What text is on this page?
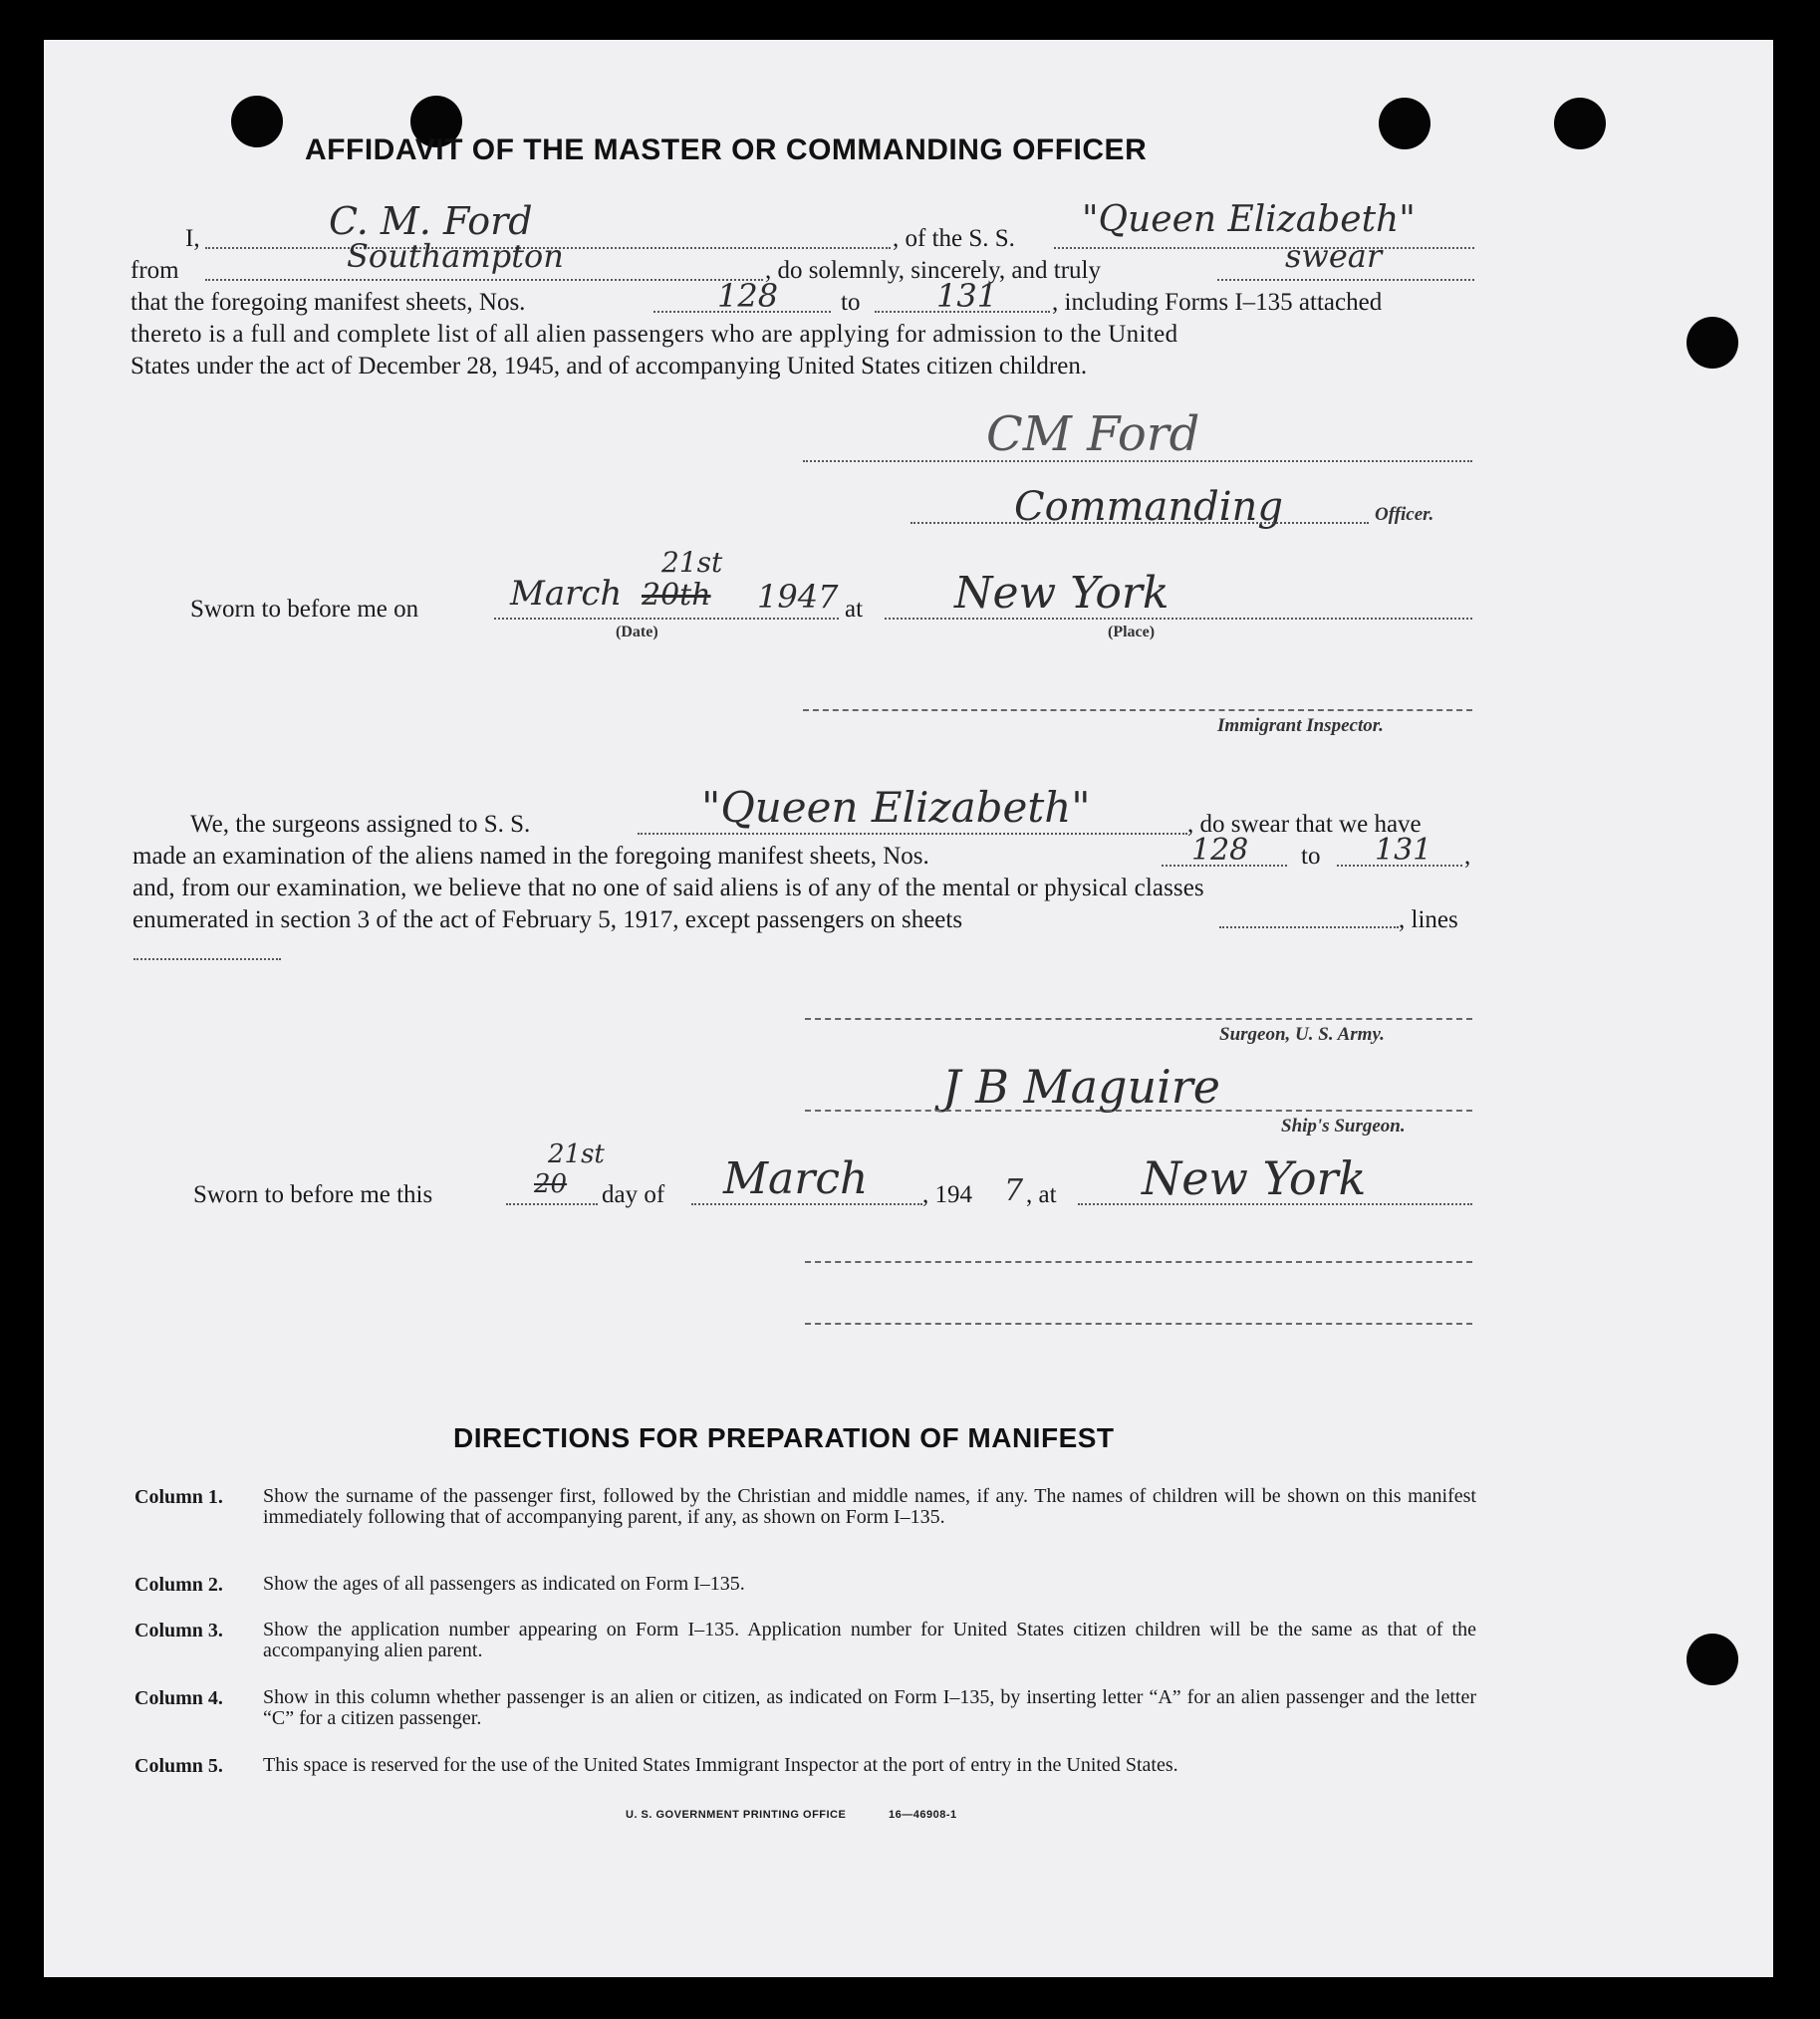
AFFIDAVIT OF THE MASTER OR COMMANDING OFFICER
I,	C. M. Ford	, of the S. S. "Queen Elizabeth"
from	Southampton	, do solemnly, sincerely, and truly	swear
that the foregoing manifest sheets, Nos.	128	to 131 , including Forms I–135 attached
thereto is a full and complete list of all alien passengers who are applying for admission to the United
States under the act of December 28, 1945, and of accompanying United States citizen children.
CM Ford
Commanding	Officer.
Sworn to before me on	March 20th
21st
1947
(Date)
at New York
(Place)
Immigrant Inspector.
We, the surgeons assigned to S. S.	"Queen Elizabeth"	, do swear that we have
made an examination of the aliens named in the foregoing manifest sheets, Nos.	128 to 131 ,
and, from our examination, we believe that no one of said aliens is of any of the mental or physical classes
enumerated in section 3 of the act of February 5, 1917, except passengers on sheets	, lines
Surgeon, U. S. Army.
J B Maguire
Ship's Surgeon.
Sworn to before me this	20
21st
day of March , 194 7 , at New York
DIRECTIONS FOR PREPARATION OF MANIFEST
Column 1. Show the surname of the passenger first, followed by the Christian and middle names, if any. The names of children will be shown on this manifest immediately following that of accompanying parent, if any, as shown on Form I–135.
Column 2. Show the ages of all passengers as indicated on Form I–135.
Column 3. Show the application number appearing on Form I–135. Application number for United States citizen children will be the same as that of the accompanying alien parent.
Column 4. Show in this column whether passenger is an alien or citizen, as indicated on Form I–135, by inserting letter “A” for an alien passenger and the letter “C” for a citizen passenger.
Column 5. This space is reserved for the use of the United States Immigrant Inspector at the port of entry in the United States.
U. S. GOVERNMENT PRINTING OFFICE	16—46908-1
